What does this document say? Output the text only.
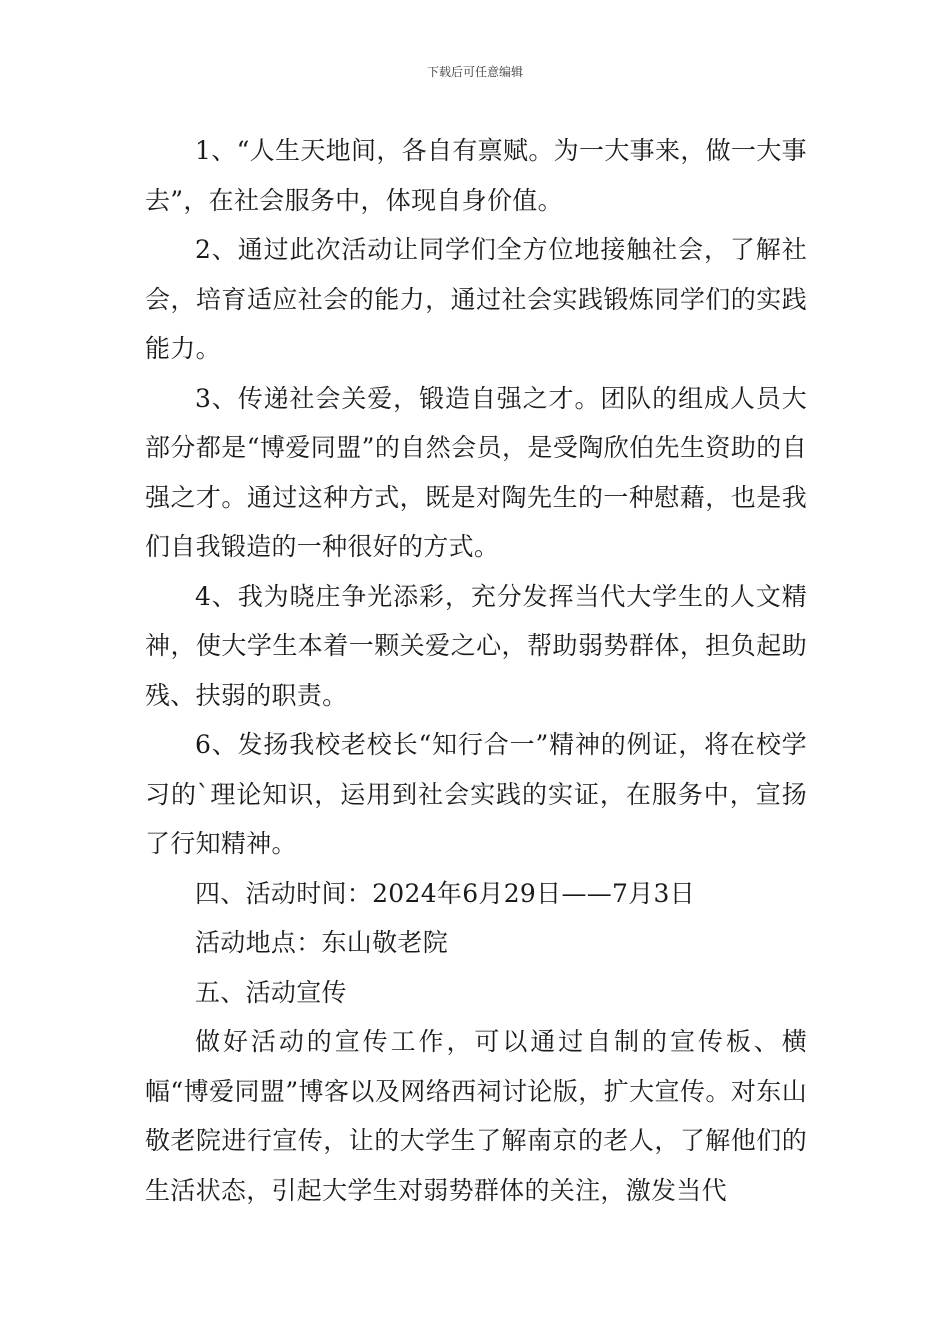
下载后可任意编辑

1、“人生天地间，各自有禀赋。为一大事来，做一大事去”，在社会服务中，体现自身价值。

2、通过此次活动让同学们全方位地接触社会，了解社会，培育适应社会的能力，通过社会实践锻炼同学们的实践能力。

3、传递社会关爱，锻造自强之才。团队的组成人员大部分都是“博爱同盟”的自然会员，是受陶欣伯先生资助的自强之才。通过这种方式，既是对陶先生的一种慰藉，也是我们自我锻造的一种很好的方式。

4、我为晓庄争光添彩，充分发挥当代大学生的人文精神，使大学生本着一颗关爱之心，帮助弱势群体，担负起助残、扶弱的职责。

6、发扬我校老校长“知行合一”精神的例证，将在校学习的`理论知识，运用到社会实践的实证，在服务中，宣扬了行知精神。

四、活动时间：2024年6月29日——7月3日

活动地点：东山敬老院

五、活动宣传

做好活动的宣传工作，可以通过自制的宣传板、横幅“博爱同盟”博客以及网络西祠讨论版，扩大宣传。对东山敬老院进行宣传，让的大学生了解南京的老人，了解他们的生活状态，引起大学生对弱势群体的关注，激发当代
